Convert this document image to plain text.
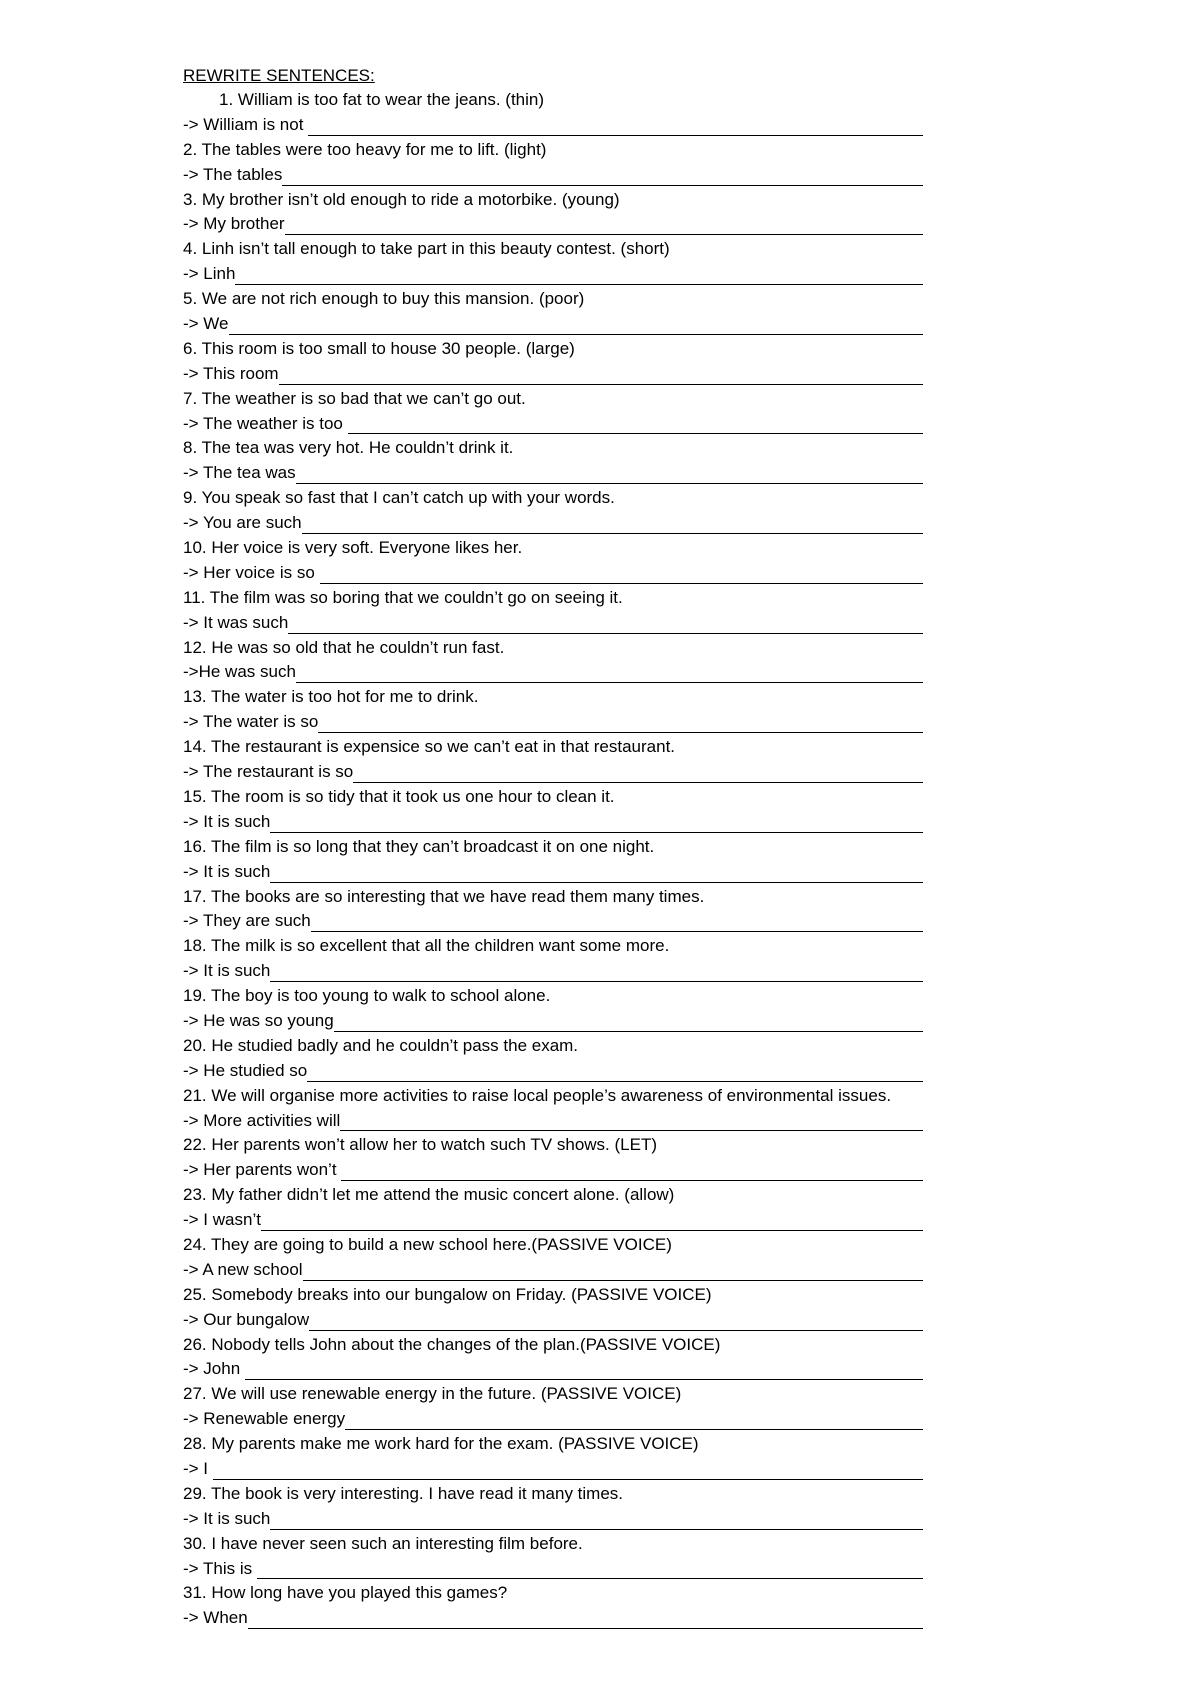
REWRITE SENTENCES:
1. William is too fat to wear the jeans. (thin)
-> William is not
2. The tables were too heavy for me to lift. (light)
-> The tables
3. My brother isn’t old enough to ride a motorbike. (young)
-> My brother
4. Linh isn’t tall enough to take part in this beauty contest. (short)
-> Linh
5. We are not rich enough to buy this mansion. (poor)
-> We
6. This room is too small to house 30 people. (large)
-> This room
7. The weather is so bad that we can’t go out.
-> The weather is too
8. The tea was very hot. He couldn’t drink it.
-> The tea was
9. You speak so fast that I can’t catch up with your words.
-> You are such
10. Her voice is very soft. Everyone likes her.
-> Her voice is so
11. The film was so boring that we couldn’t go on seeing it.
-> It was such
12. He was so old that he couldn’t run fast.
->He was such
13. The water is too hot for me to drink.
-> The water is so
14. The restaurant is expensice so we can’t eat in that restaurant.
-> The restaurant is so
15. The room is so tidy that it took us one hour to clean it.
-> It is such
16. The film is so long that they can’t broadcast it on one night.
-> It is such
17. The books are so interesting that we have read them many times.
-> They are such
18. The milk is so excellent that all the children want some more.
-> It is such
19. The boy is too young to walk to school alone.
-> He was so young
20. He studied badly and he couldn’t pass the exam.
-> He studied so
21. We will organise more activities to raise local people’s awareness of environmental issues.
-> More activities will
22. Her parents won’t allow her to watch such TV shows. (LET)
-> Her parents won’t
23. My father didn’t let me attend the music concert alone. (allow)
-> I wasn’t
24. They are going to build a new school here.(PASSIVE VOICE)
-> A new school
25. Somebody breaks into our bungalow on Friday. (PASSIVE VOICE)
-> Our bungalow
26. Nobody tells John about the changes of the plan.(PASSIVE VOICE)
-> John
27. We will use renewable energy in the future. (PASSIVE VOICE)
-> Renewable energy
28. My parents make me work hard for the exam. (PASSIVE VOICE)
-> I
29. The book is very interesting. I have read it many times.
-> It is such
30. I have never seen such an interesting film before.
-> This is
31. How long have you played this games?
-> When
